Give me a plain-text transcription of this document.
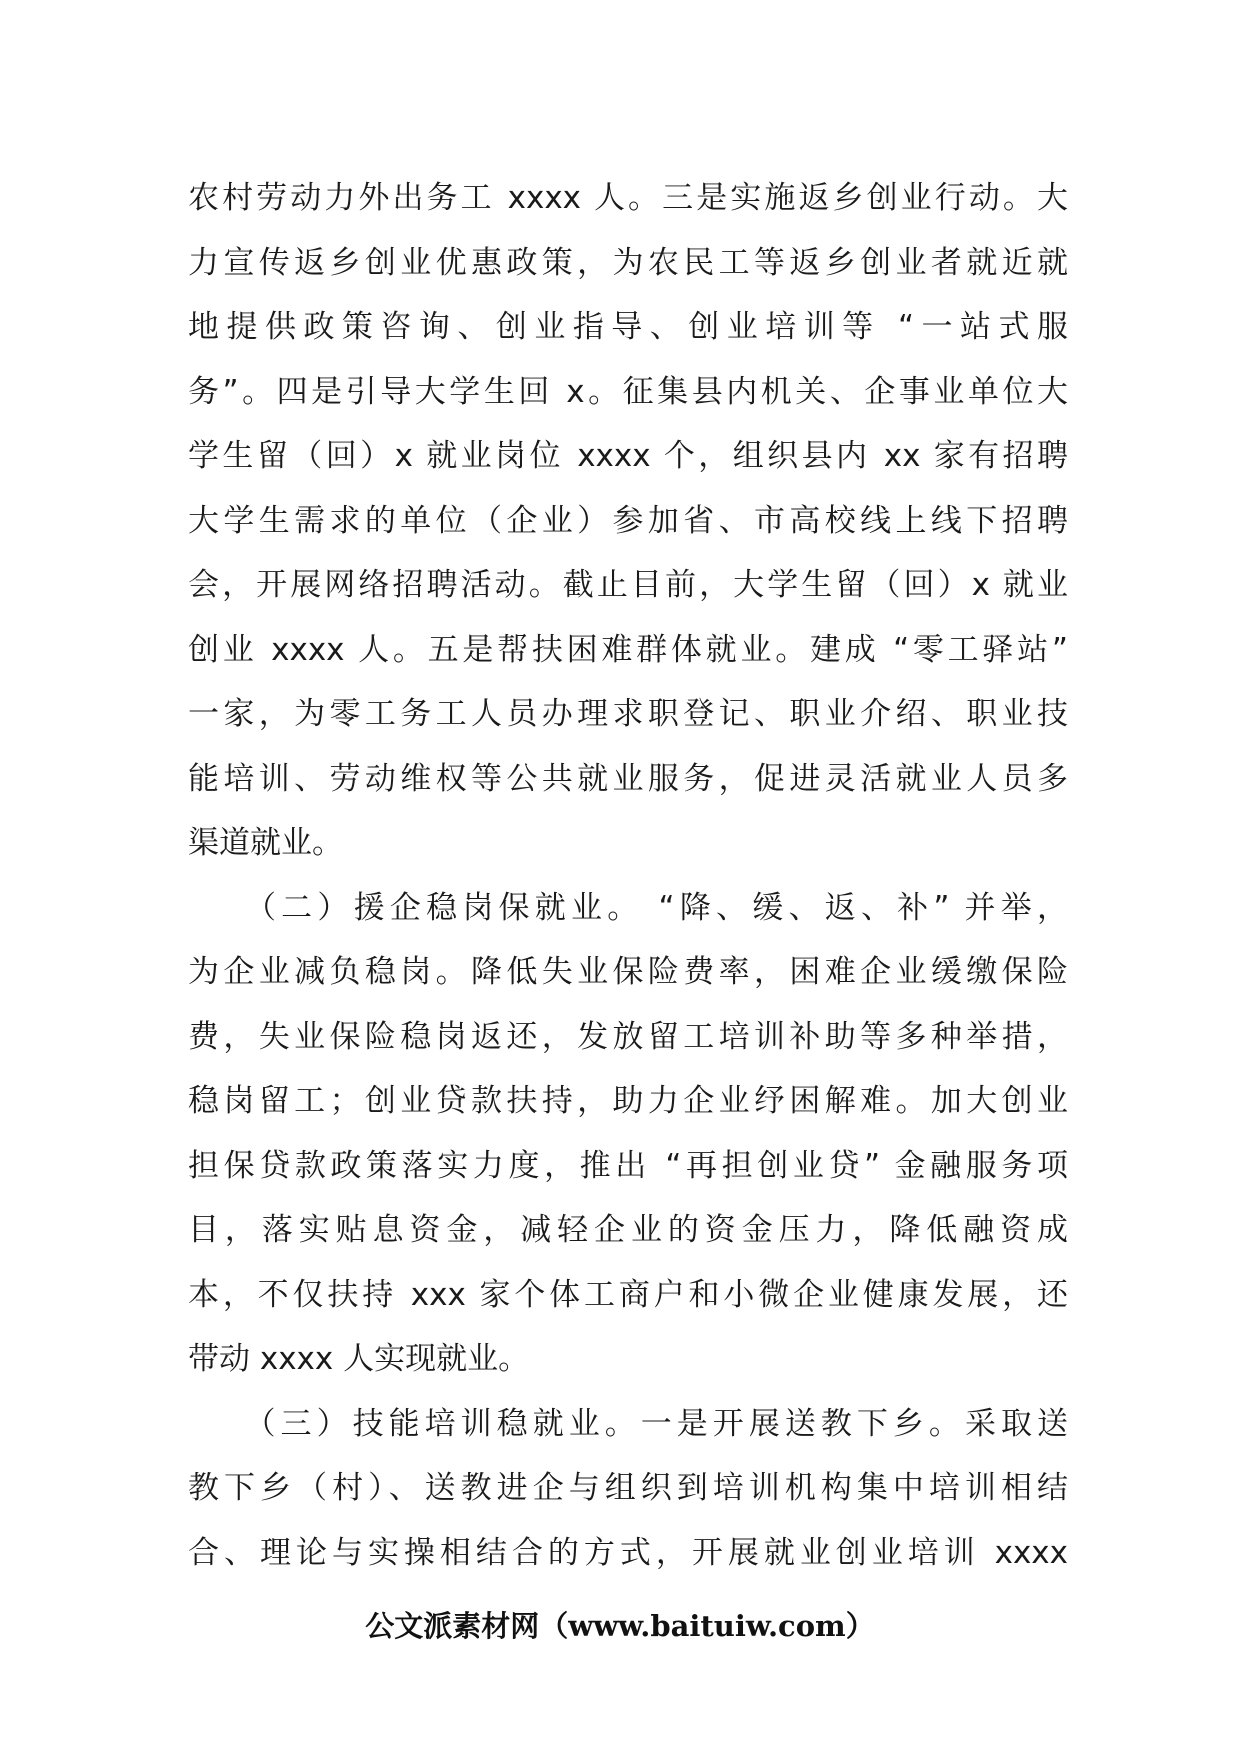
农村劳动力外出务工 xxxx 人。三是实施返乡创业行动。大
力宣传返乡创业优惠政策，为农民工等返乡创业者就近就
地提供政策咨询、创业指导、创业培训等 “一站式服
务”。四是引导大学生回 x。征集县内机关、企事业单位大
学生留（回）x 就业岗位 xxxx 个，组织县内 xx 家有招聘
大学生需求的单位（企业）参加省、市高校线上线下招聘
会，开展网络招聘活动。截止目前，大学生留（回）x 就业
创业 xxxx 人。五是帮扶困难群体就业。建成 “零工驿站”
一家，为零工务工人员办理求职登记、职业介绍、职业技
能培训、劳动维权等公共就业服务，促进灵活就业人员多
渠道就业。
　　（二）援企稳岗保就业。 “降、缓、返、补” 并举，
为企业减负稳岗。降低失业保险费率，困难企业缓缴保险
费，失业保险稳岗返还，发放留工培训补助等多种举措，
稳岗留工；创业贷款扶持，助力企业纾困解难。加大创业
担保贷款政策落实力度，推出 “再担创业贷” 金融服务项
目，落实贴息资金，减轻企业的资金压力，降低融资成
本，不仅扶持 xxx 家个体工商户和小微企业健康发展，还
带动 xxxx 人实现就业。
　　（三）技能培训稳就业。一是开展送教下乡。采取送
教下乡（村）、送教进企与组织到培训机构集中培训相结
合、理论与实操相结合的方式，开展就业创业培训 xxxx
公文派素材网（www.baituiw.com）
